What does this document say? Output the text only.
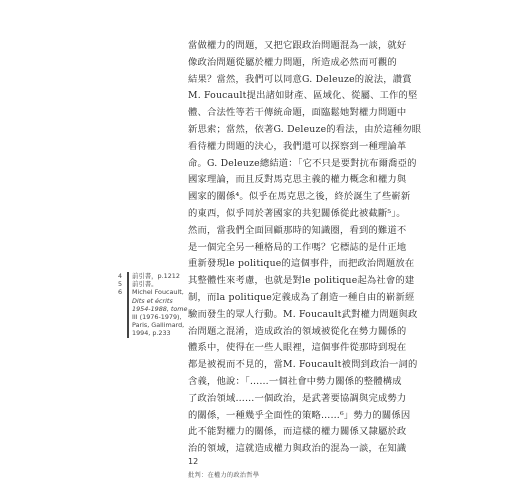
當做權力的問題，又把它跟政治問題混為一談，就好
像政治問題從屬於權力問題，所造成必然而可觀的
結果？當然，我們可以同意G. Deleuze的說法，讚賞
M. Foucault提出諸如財產、區域化、從屬、工作的堅
體、合法性等若干傳統命題，面臨鬆她對權力問題中
新思索；當然，依著G. Deleuze的看法，由於這種勿眼
看待權力問題的決心，我們還可以探察到一種理論革
命。G. Deleuze總結道：「它不只是要對抗布爾喬亞的
國家理論，而且反對馬克思主義的權力概念和權力與
國家的關係⁴。似乎在馬克思之後，終於誕生了些嶄新
的東西，似乎同於著國家的共犯關係從此被截斷⁵」。
然而，當我們全面回顧那時的知識圈，看到的難道不
是一個完全另一種格局的工作嗎？它標誌的是什正地
重新發現le politique的這個事件，而把政治問題放在
其整體性來考慮，也就是對le politique起為社會的建
制，而la politique定義成為了創造一種自由的嶄新經
驗而發生的眾人行動。M. Foucault武對權力問題與政
治問題之混淆，造成政治的領域被從化在勢力關係的
體系中，使得在一些人眼裡，這個事件從那時到現在
都是被視而不見的，當M. Foucault被問到政治一詞的
含義，他說：「……一個社會中勢力關係的整體構成
了政治領域……一個政治，是武著要協調與完成勢力
的關係，一種幾乎全面性的策略……⁶」勢力的關係因
此不能對權力的關係，而這樣的權力關係又隸屬於政
治的領域，這就造成權力與政治的混為一談，在知識
4	前引書，p.1212
5	前引書。
6	Michel Foucault,
Dits et écrits
1954-1988, tome
III (1976-1979),
Paris, Gallimard,
1994, p.233
12
批判：在權力的政治哲學
